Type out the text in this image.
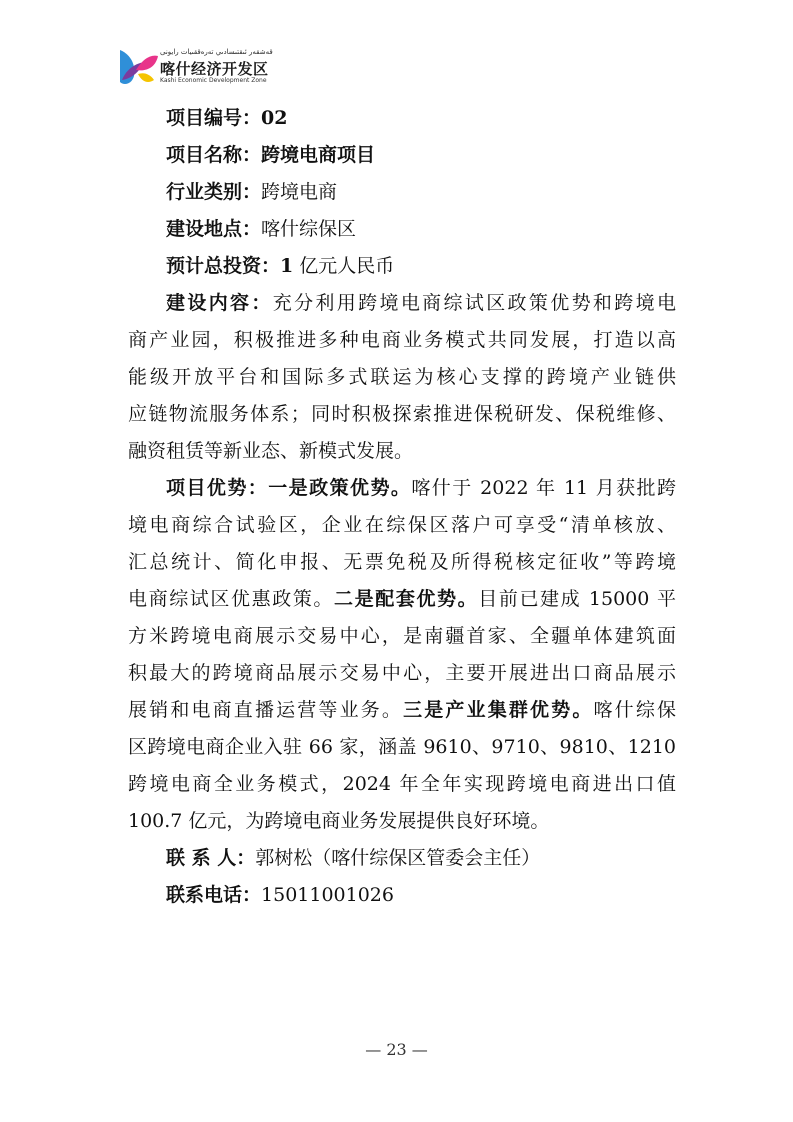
قەشقەر ئىقتىسادىي تەرەققىيات رايونى
喀什经济开发区
Kashi Economic Development Zone

项目编号：02

项目名称：跨境电商项目

行业类别：跨境电商

建设地点：喀什综保区

预计总投资：1 亿元人民币

建设内容：充分利用跨境电商综试区政策优势和跨境电

商产业园，积极推进多种电商业务模式共同发展，打造以高

能级开放平台和国际多式联运为核心支撑的跨境产业链供

应链物流服务体系；同时积极探索推进保税研发、保税维修、

融资租赁等新业态、新模式发展。

项目优势：一是政策优势。喀什于 2022 年 11 月获批跨

境电商综合试验区，企业在综保区落户可享受“清单核放、

汇总统计、简化申报、无票免税及所得税核定征收”等跨境

电商综试区优惠政策。二是配套优势。目前已建成 15000 平

方米跨境电商展示交易中心，是南疆首家、全疆单体建筑面

积最大的跨境商品展示交易中心，主要开展进出口商品展示

展销和电商直播运营等业务。三是产业集群优势。喀什综保

区跨境电商企业入驻 66 家，涵盖 9610、9710、9810、1210

跨境电商全业务模式，2024 年全年实现跨境电商进出口值

100.7 亿元，为跨境电商业务发展提供良好环境。

联 系 人：郭树松（喀什综保区管委会主任）

联系电话：15011001026

— 23 —
